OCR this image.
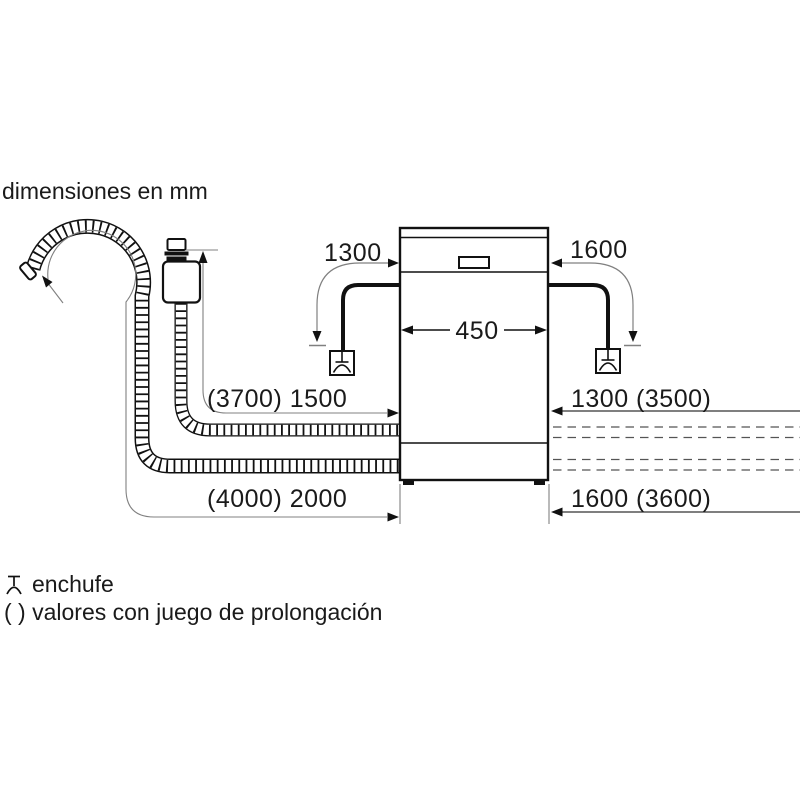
dimensiones en mm
450
1300	1600
(3700) 1500
(4000) 2000
1300 (3500)
1600 (3600)
enchufe
( ) valores con juego de prolongación
